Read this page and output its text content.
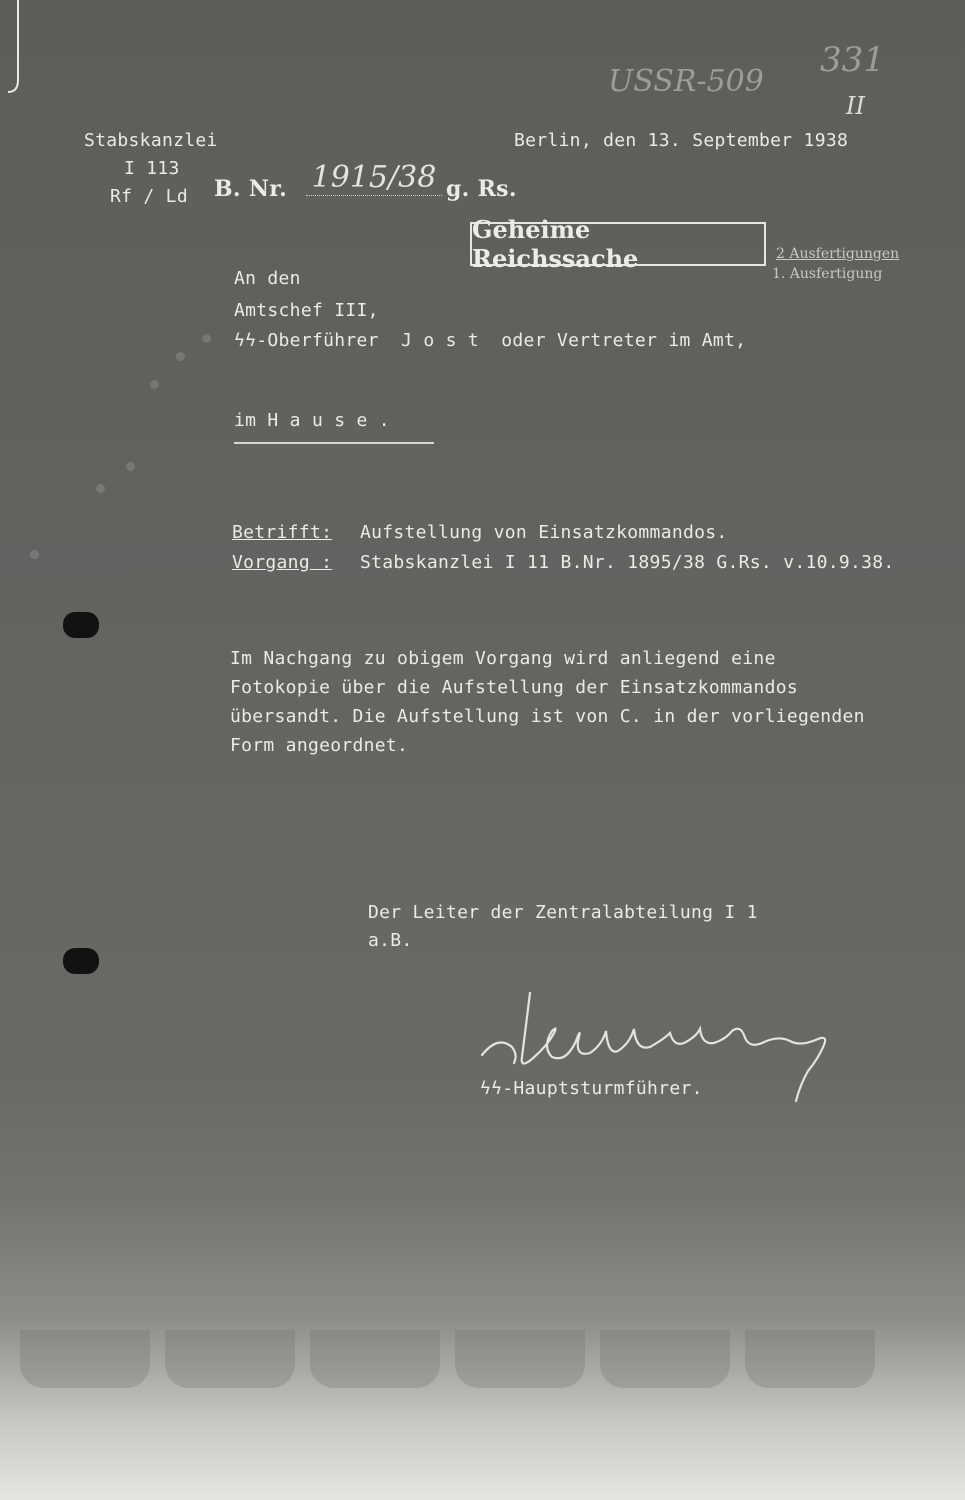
USSR-509
331
II
Stabskanzlei
I 113
Rf / Ld
Berlin, den 13. September 1938
B. Nr. 1915/38 g. Rs.
Geheime Reichssache	2 Ausfertigungen
1. Ausfertigung
An den
Amtschef III,
ϟϟ-Oberführer  J o s t  oder Vertreter im Amt,
im H a u s e .
Betrifft: Aufstellung von Einsatzkommandos.
Vorgang : Stabskanzlei I 11 B.Nr. 1895/38 G.Rs. v.10.9.38.
Im Nachgang zu obigem Vorgang wird anliegend eine
Fotokopie über die Aufstellung der Einsatzkommandos
übersandt. Die Aufstellung ist von C. in der vorliegenden
Form angeordnet.
Der Leiter der Zentralabteilung I 1
a.B.
ϟϟ-Hauptsturmführer.
